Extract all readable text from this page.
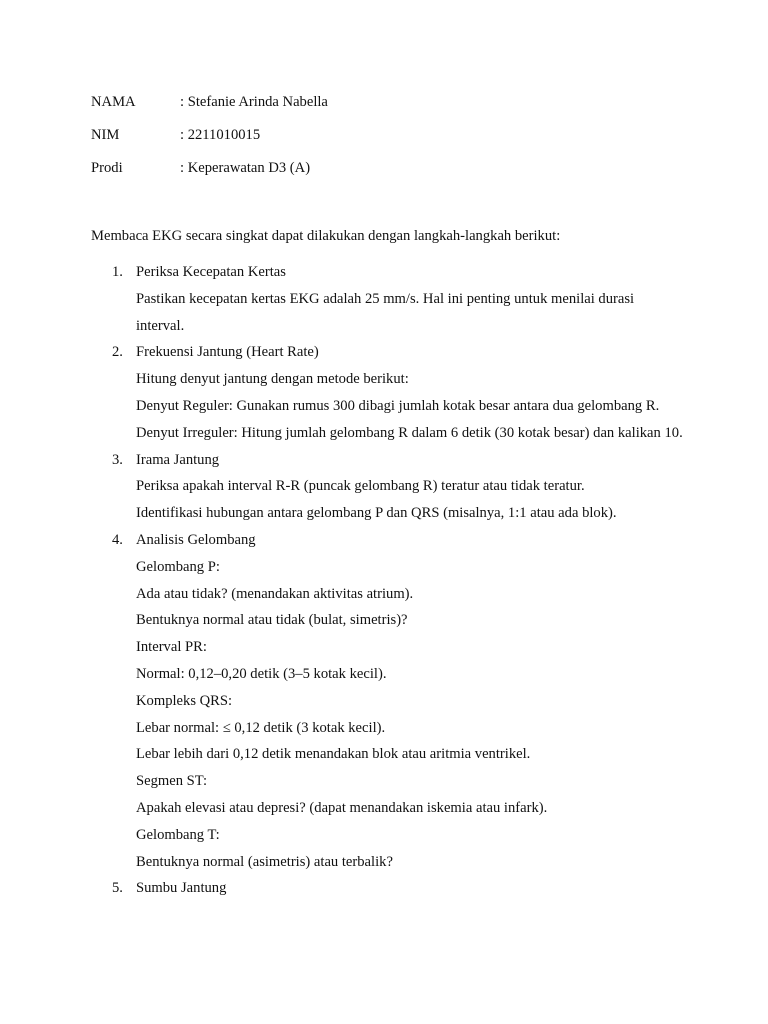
NAMA	: Stefanie Arinda Nabella
NIM	: 2211010015
Prodi	: Keperawatan D3 (A)
Membaca EKG secara singkat dapat dilakukan dengan langkah-langkah berikut:
1. Periksa Kecepatan Kertas
Pastikan kecepatan kertas EKG adalah 25 mm/s. Hal ini penting untuk menilai durasi interval.
2. Frekuensi Jantung (Heart Rate)
Hitung denyut jantung dengan metode berikut:
Denyut Reguler: Gunakan rumus 300 dibagi jumlah kotak besar antara dua gelombang R.
Denyut Irreguler: Hitung jumlah gelombang R dalam 6 detik (30 kotak besar) dan kalikan 10.
3. Irama Jantung
Periksa apakah interval R-R (puncak gelombang R) teratur atau tidak teratur.
Identifikasi hubungan antara gelombang P dan QRS (misalnya, 1:1 atau ada blok).
4. Analisis Gelombang
Gelombang P:
Ada atau tidak? (menandakan aktivitas atrium).
Bentuknya normal atau tidak (bulat, simetris)?
Interval PR:
Normal: 0,12–0,20 detik (3–5 kotak kecil).
Kompleks QRS:
Lebar normal: ≤ 0,12 detik (3 kotak kecil).
Lebar lebih dari 0,12 detik menandakan blok atau aritmia ventrikel.
Segmen ST:
Apakah elevasi atau depresi? (dapat menandakan iskemia atau infark).
Gelombang T:
Bentuknya normal (asimetris) atau terbalik?
5. Sumbu Jantung
